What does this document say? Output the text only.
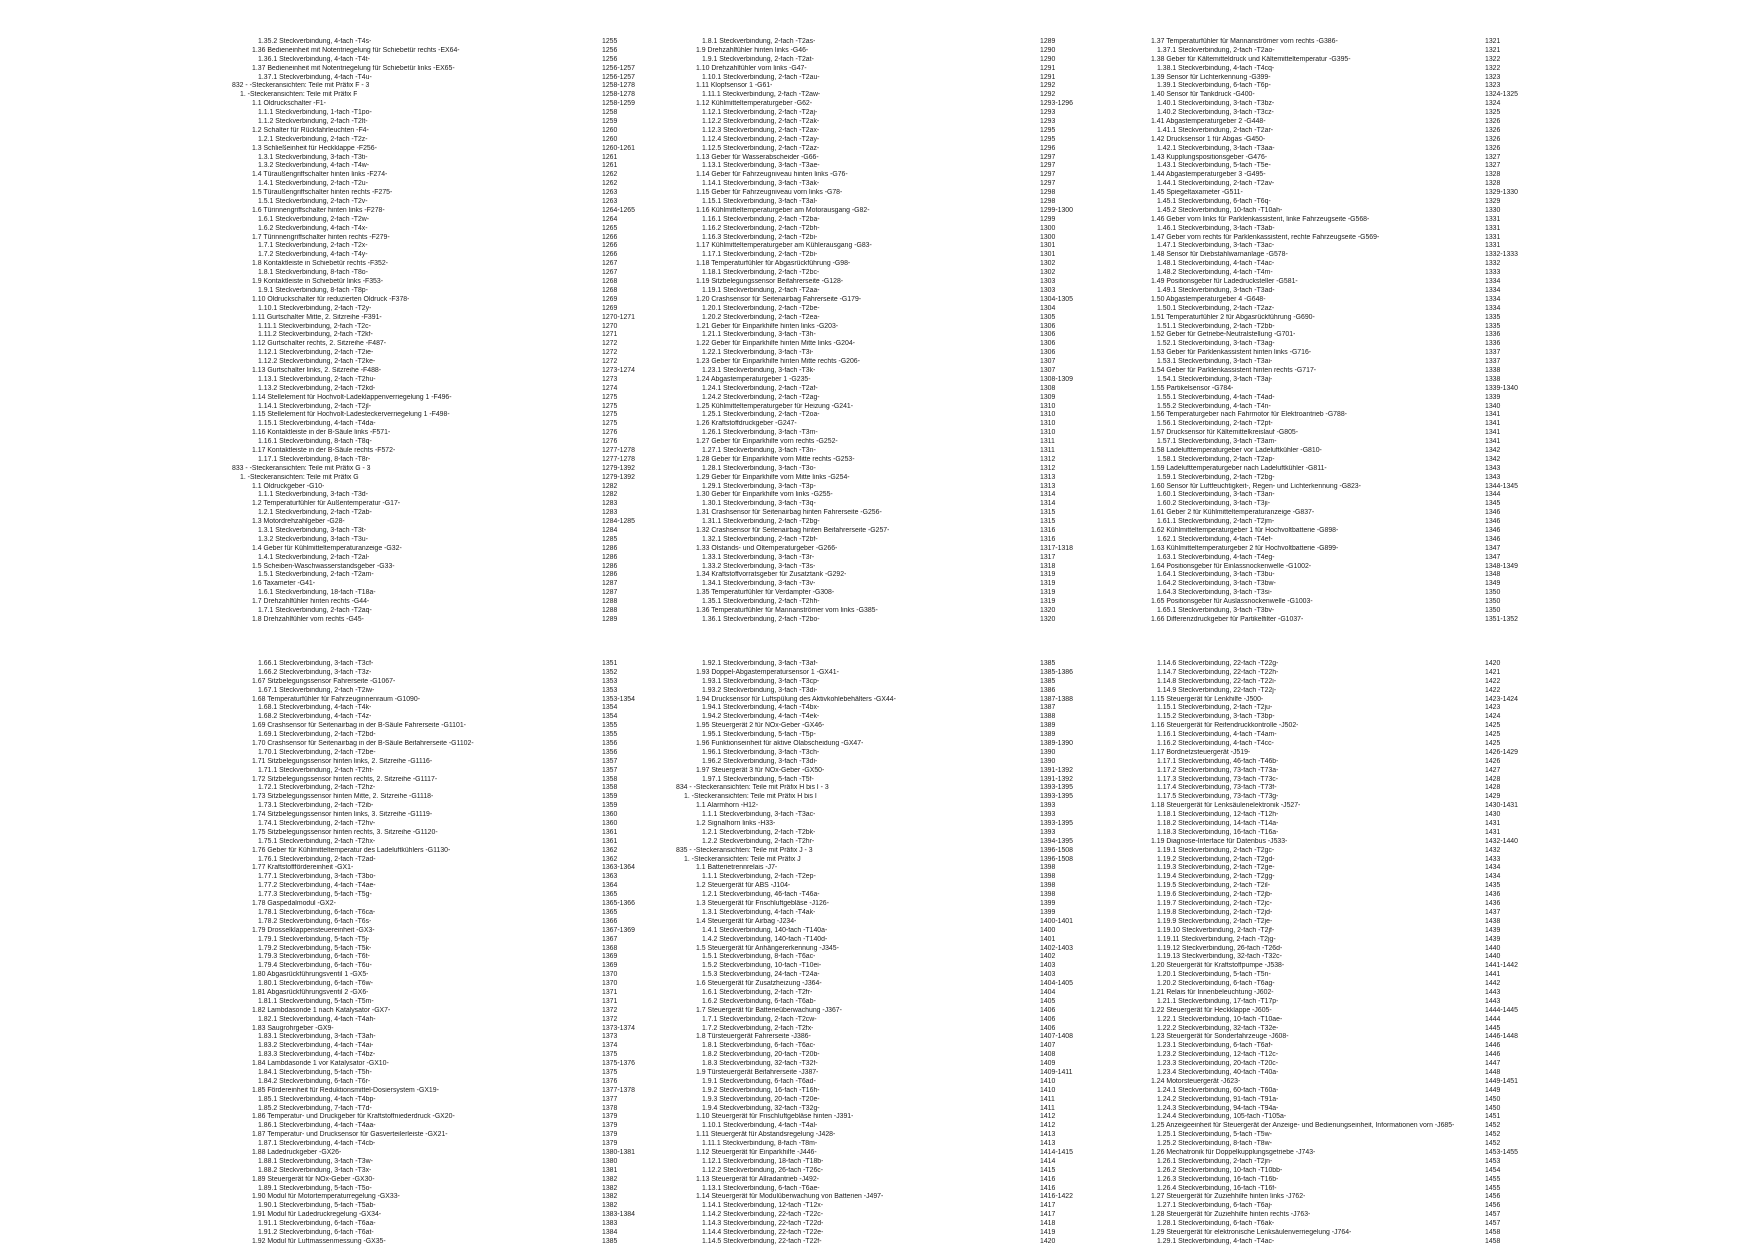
1.35.2 Steckverbindung, 4-fach -T4s-	1255
1.36 Bedieneinheit mit Notentriegelung für Schiebetür rechts -EX64-	1256
1.36.1 Steckverbindung, 4-fach -T4t-	1256
1.37 Bedieneinheit mit Notentriegelung für Schiebetür links -EX65-	1256-1257
1.37.1 Steckverbindung, 4-fach -T4u-	1256-1257
832 - -Steckeransichten: Teile mit Präfix F - 3	1258-1278
1. -Steckeransichten: Teile mit Präfix F	1258-1278
1.1 Öldruckschalter -F1-	1258-1259
1.1.1 Steckverbindung, 1-fach -T1po-	1258
1.1.2 Steckverbindung, 2-fach -T2lt-	1259
1.2 Schalter für Rückfahrleuchten -F4-	1260
1.2.1 Steckverbindung, 2-fach -T2z-	1260
1.3 Schließeinheit für Heckklappe -F256-	1260-1261
1.3.1 Steckverbindung, 3-fach -T3ti-	1261
1.3.2 Steckverbindung, 4-fach -T4w-	1261
1.4 Türaußengriffschalter hinten links -F274-	1262
1.4.1 Steckverbindung, 2-fach -T2u-	1262
1.5 Türaußengriffschalter hinten rechts -F275-	1263
1.5.1 Steckverbindung, 2-fach -T2v-	1263
1.6 Türinnengriffschalter hinten links -F278-	1264-1265
1.6.1 Steckverbindung, 2-fach -T2w-	1264
1.6.2 Steckverbindung, 4-fach -T4x-	1265
1.7 Türinnengriffschalter hinten rechts -F279-	1266
1.7.1 Steckverbindung, 2-fach -T2x-	1266
1.7.2 Steckverbindung, 4-fach -T4y-	1266
1.8 Kontaktleiste in Schiebetür rechts -F352-	1267
1.8.1 Steckverbindung, 8-fach -T8o-	1267
1.9 Kontaktleiste in Schiebetür links -F353-	1268
1.9.1 Steckverbindung, 8-fach -T8p-	1268
1.10 Öldruckschalter für reduzierten Öldruck -F378-	1269
1.10.1 Steckverbindung, 2-fach -T2y-	1269
1.11 Gurtschalter Mitte, 2. Sitzreihe -F391-	1270-1271
1.11.1 Steckverbindung, 2-fach -T2c-	1270
1.11.2 Steckverbindung, 2-fach -T2kf-	1271
1.12 Gurtschalter rechts, 2. Sitzreihe -F487-	1272
1.12.1 Steckverbindung, 2-fach -T2ie-	1272
1.12.2 Steckverbindung, 2-fach -T2ke-	1272
1.13 Gurtschalter links, 2. Sitzreihe -F488-	1273-1274
1.13.1 Steckverbindung, 2-fach -T2hu-	1273
1.13.2 Steckverbindung, 2-fach -T2kd-	1274
1.14 Stellelement für Hochvolt-Ladeklappenverriegelung 1 -F496-	1275
1.14.1 Steckverbindung, 2-fach -T2jl-	1275
1.15 Stellelement für Hochvolt-Ladesteckerverriegelung 1 -F498-	1275
1.15.1 Steckverbindung, 4-fach -T4da-	1275
1.16 Kontaktleiste in der B-Säule links -F571-	1276
1.16.1 Steckverbindung, 8-fach -T8q-	1276
1.17 Kontaktleiste in der B-Säule rechts -F572-	1277-1278
1.17.1 Steckverbindung, 8-fach -T8r-	1277-1278
833 - -Steckeransichten: Teile mit Präfix G - 3	1279-1392
1. -Steckeransichten: Teile mit Präfix G	1279-1392
1.1 Öldruckgeber -G10-	1282
1.1.1 Steckverbindung, 3-fach -T3d-	1282
1.2 Temperaturfühler für Außentemperatur -G17-	1283
1.2.1 Steckverbindung, 2-fach -T2ab-	1283
1.3 Motordrehzahlgeber -G28-	1284-1285
1.3.1 Steckverbindung, 3-fach -T3t-	1284
1.3.2 Steckverbindung, 3-fach -T3u-	1285
1.4 Geber für Kühlmitteltemperaturanzeige -G32-	1286
1.4.1 Steckverbindung, 2-fach -T2al-	1286
1.5 Scheiben-Waschwasserstandsgeber -G33-	1286
1.5.1 Steckverbindung, 2-fach -T2am-	1286
1.6 Taxameter -G41-	1287
1.6.1 Steckverbindung, 18-fach -T18a-	1287
1.7 Drehzahlfühler hinten rechts -G44-	1288
1.7.1 Steckverbindung, 2-fach -T2aq-	1288
1.8 Drehzahlfühler vorn rechts -G45-	1289
1.8.1 Steckverbindung, 2-fach -T2as-	1289
1.9 Drehzahlfühler hinten links -G46-	1290
1.9.1 Steckverbindung, 2-fach -T2at-	1290
1.10 Drehzahlfühler vorn links -G47-	1291
1.10.1 Steckverbindung, 2-fach -T2au-	1291
1.11 Klopfsensor 1 -G61-	1292
1.11.1 Steckverbindung, 2-fach -T2aw-	1292
1.12 Kühlmitteltemperaturgeber -G62-	1293-1296
1.12.1 Steckverbindung, 2-fach -T2aj-	1293
1.12.2 Steckverbindung, 2-fach -T2ak-	1293
1.12.3 Steckverbindung, 2-fach -T2ax-	1295
1.12.4 Steckverbindung, 2-fach -T2ay-	1295
1.12.5 Steckverbindung, 2-fach -T2az-	1296
1.13 Geber für Wasserabscheider -G66-	1297
1.13.1 Steckverbindung, 3-fach -T3ae-	1297
1.14 Geber für Fahrzeugniveau hinten links -G76-	1297
1.14.1 Steckverbindung, 3-fach -T3ak-	1297
1.15 Geber für Fahrzeugniveau vorn links -G78-	1298
1.15.1 Steckverbindung, 3-fach -T3al-	1298
1.16 Kühlmitteltemperaturgeber am Motorausgang -G82-	1299-1300
1.16.1 Steckverbindung, 2-fach -T2ba-	1299
1.16.2 Steckverbindung, 2-fach -T2bh-	1300
1.16.3 Steckverbindung, 2-fach -T2bi-	1300
1.17 Kühlmitteltemperaturgeber am Kühlerausgang -G83-	1301
1.17.1 Steckverbindung, 2-fach -T2bi-	1301
1.18 Temperaturfühler für Abgasrückführung -G98-	1302
1.18.1 Steckverbindung, 2-fach -T2bc-	1302
1.19 Sitzbelegungssensor Beifahrerseite -G128-	1303
1.19.1 Steckverbindung, 2-fach -T2aa-	1303
1.20 Crashsensor für Seitenairbag Fahrerseite -G179-	1304-1305
1.20.1 Steckverbindung, 2-fach -T2be-	1304
1.20.2 Steckverbindung, 2-fach -T2ea-	1305
1.21 Geber für Einparkhilfe hinten links -G203-	1306
1.21.1 Steckverbindung, 3-fach -T3h-	1306
1.22 Geber für Einparkhilfe hinten Mitte links -G204-	1306
1.22.1 Steckverbindung, 3-fach -T3i-	1306
1.23 Geber für Einparkhilfe hinten Mitte rechts -G206-	1307
1.23.1 Steckverbindung, 3-fach -T3k-	1307
1.24 Abgastemperaturgeber 1 -G235-	1308-1309
1.24.1 Steckverbindung, 2-fach -T2af-	1308
1.24.2 Steckverbindung, 2-fach -T2ag-	1309
1.25 Kühlmitteltemperaturgeber für Heizung -G241-	1310
1.25.1 Steckverbindung, 2-fach -T2oa-	1310
1.26 Kraftstoffdruckgeber -G247-	1310
1.26.1 Steckverbindung, 3-fach -T3m-	1310
1.27 Geber für Einparkhilfe vorn rechts -G252-	1311
1.27.1 Steckverbindung, 3-fach -T3n-	1311
1.28 Geber für Einparkhilfe vorn Mitte rechts -G253-	1312
1.28.1 Steckverbindung, 3-fach -T3o-	1312
1.29 Geber für Einparkhilfe vorn Mitte links -G254-	1313
1.29.1 Steckverbindung, 3-fach -T3p-	1313
1.30 Geber für Einparkhilfe vorn links -G255-	1314
1.30.1 Steckverbindung, 3-fach -T3q-	1314
1.31 Crashsensor für Seitenairbag hinten Fahrerseite -G256-	1315
1.31.1 Steckverbindung, 2-fach -T2bg-	1315
1.32 Crashsensor für Seitenairbag hinten Beifahrerseite -G257-	1316
1.32.1 Steckverbindung, 2-fach -T2bf-	1316
1.33 Ölstands- und Öltemperaturgeber -G266-	1317-1318
1.33.1 Steckverbindung, 3-fach -T3r-	1317
1.33.2 Steckverbindung, 3-fach -T3s-	1318
1.34 Kraftstoffvorratsgeber für Zusatztank -G292-	1319
1.34.1 Steckverbindung, 3-fach -T3v-	1319
1.35 Temperaturfühler für Verdampfer -G308-	1319
1.35.1 Steckverbindung, 2-fach -T2hh-	1319
1.36 Temperaturfühler für Mannanströmer vorn links -G385-	1320
1.36.1 Steckverbindung, 2-fach -T2bo-	1320
1.37 Temperaturfühler für Mannanströmer vorn rechts -G386-	1321
1.37.1 Steckverbindung, 2-fach -T2ao-	1321
1.38 Geber für Kältemitteldruck und Kältemitteltemperatur -G395-	1322
1.38.1 Steckverbindung, 4-fach -T4cq-	1322
1.39 Sensor für Lichterkennung -G399-	1323
1.39.1 Steckverbindung, 6-fach -T6p-	1323
1.40 Sensor für Tankdruck -G400-	1324-1325
1.40.1 Steckverbindung, 3-fach -T3bz-	1324
1.40.2 Steckverbindung, 3-fach -T3cz-	1325
1.41 Abgastemperaturgeber 2 -G448-	1326
1.41.1 Steckverbindung, 2-fach -T2ar-	1326
1.42 Drucksensor 1 für Abgas -G450-	1326
1.42.1 Steckverbindung, 3-fach -T3aa-	1326
1.43 Kupplungspositionsgeber -G476-	1327
1.43.1 Steckverbindung, 5-fach -T5e-	1327
1.44 Abgastemperaturgeber 3 -G495-	1328
1.44.1 Steckverbindung, 2-fach -T2av-	1328
1.45 Spiegeltaxameter -G511-	1329-1330
1.45.1 Steckverbindung, 6-fach -T6q-	1329
1.45.2 Steckverbindung, 10-fach -T10ah-	1330
1.46 Geber vorn links für Parklenkassistent, linke Fahrzeugseite -G568-	1331
1.46.1 Steckverbindung, 3-fach -T3ab-	1331
1.47 Geber vorn rechts für Parklenkassistent, rechte Fahrzeugseite -G569-	1331
1.47.1 Steckverbindung, 3-fach -T3ac-	1331
1.48 Sensor für Diebstahlwarnanlage -G578-	1332-1333
1.48.1 Steckverbindung, 4-fach -T4ac-	1332
1.48.2 Steckverbindung, 4-fach -T4m-	1333
1.49 Positionsgeber für Ladedrucksteller -G581-	1334
1.49.1 Steckverbindung, 3-fach -T3ad-	1334
1.50 Abgastemperaturgeber 4 -G648-	1334
1.50.1 Steckverbindung, 2-fach -T2az-	1334
1.51 Temperaturfühler 2 für Abgasrückführung -G690-	1335
1.51.1 Steckverbindung, 2-fach -T2bb-	1335
1.52 Geber für Getriebe-Neutralstellung -G701-	1336
1.52.1 Steckverbindung, 3-fach -T3ag-	1336
1.53 Geber für Parklenkassistent hinten links -G716-	1337
1.53.1 Steckverbindung, 3-fach -T3ai-	1337
1.54 Geber für Parklenkassistent hinten rechts -G717-	1338
1.54.1 Steckverbindung, 3-fach -T3aj-	1338
1.55 Partikelsensor -G784-	1339-1340
1.55.1 Steckverbindung, 4-fach -T4ad-	1339
1.55.2 Steckverbindung, 4-fach -T4n-	1340
1.56 Temperaturgeber nach Fahrmotor für Elektroantrieb -G788-	1341
1.56.1 Steckverbindung, 2-fach -T2pt-	1341
1.57 Drucksensor für Kältemittelkreislauf -G805-	1341
1.57.1 Steckverbindung, 3-fach -T3am-	1341
1.58 Ladelufttemperaturgeber vor Ladeluftkühler -G810-	1342
1.58.1 Steckverbindung, 2-fach -T2ap-	1342
1.59 Ladelufttemperaturgeber nach Ladeluftkühler -G811-	1343
1.59.1 Steckverbindung, 2-fach -T2bg-	1343
1.60 Sensor für Luftfeuchtigkeit-, Regen- und Lichterkennung -G823-	1344-1345
1.60.1 Steckverbindung, 3-fach -T3an-	1344
1.60.2 Steckverbindung, 3-fach -T3ji-	1345
1.61 Geber 2 für Kühlmitteltemperaturanzeige -G837-	1346
1.61.1 Steckverbindung, 2-fach -T2jm-	1346
1.62 Kühlmitteltemperaturgeber 1 für Hochvoltbatterie -G898-	1346
1.62.1 Steckverbindung, 4-fach -T4ef-	1346
1.63 Kühlmitteltemperaturgeber 2 für Hochvoltbatterie -G899-	1347
1.63.1 Steckverbindung, 4-fach -T4eg-	1347
1.64 Positionsgeber für Einlassnockenwelle -G1002-	1348-1349
1.64.1 Steckverbindung, 3-fach -T3bu-	1348
1.64.2 Steckverbindung, 3-fach -T3bw-	1349
1.64.3 Steckverbindung, 3-fach -T3si-	1350
1.65 Positionsgeber für Auslassnockenwelle -G1003-	1350
1.65.1 Steckverbindung, 3-fach -T3bv-	1350
1.66 Differenzdruckgeber für Partikelfilter -G1037-	1351-1352
1.66.1 Steckverbindung, 3-fach -T3cf-	1351
1.66.2 Steckverbindung, 3-fach -T3z-	1352
1.67 Sitzbelegungssensor Fahrerseite -G1067-	1353
1.67.1 Steckverbindung, 2-fach -T2iw-	1353
1.68 Temperaturfühler für Fahrzeuginnenraum -G1090-	1353-1354
1.68.1 Steckverbindung, 4-fach -T4k-	1354
1.68.2 Steckverbindung, 4-fach -T4z-	1354
1.69 Crashsensor für Seitenairbag in der B-Säule Fahrerseite -G1101-	1355
1.69.1 Steckverbindung, 2-fach -T2bd-	1355
1.70 Crashsensor für Seitenairbag in der B-Säule Beifahrerseite -G1102-	1356
1.70.1 Steckverbindung, 2-fach -T2be-	1356
1.71 Sitzbelegungssensor hinten links, 2. Sitzreihe -G1116-	1357
1.71.1 Steckverbindung, 2-fach -T2ht-	1357
1.72 Sitzbelegungssensor hinten rechts, 2. Sitzreihe -G1117-	1358
1.72.1 Steckverbindung, 2-fach -T2hz-	1358
1.73 Sitzbelegungssensor hinten Mitte, 2. Sitzreihe -G1118-	1359
1.73.1 Steckverbindung, 2-fach -T2ib-	1359
1.74 Sitzbelegungssensor hinten links, 3. Sitzreihe -G1119-	1360
1.74.1 Steckverbindung, 2-fach -T2hv-	1360
1.75 Sitzbelegungssensor hinten rechts, 3. Sitzreihe -G1120-	1361
1.75.1 Steckverbindung, 2-fach -T2hx-	1361
1.76 Geber für Kühlmitteltemperatur des Ladeluftkühlers -G1130-	1362
1.76.1 Steckverbindung, 2-fach -T2ad-	1362
1.77 Kraftstofffördereinheit -GX1-	1363-1364
1.77.1 Steckverbindung, 3-fach -T3bo-	1363
1.77.2 Steckverbindung, 4-fach -T4ae-	1364
1.77.3 Steckverbindung, 5-fach -T5g-	1365
1.78 Gaspedalmodul -GX2-	1365-1366
1.78.1 Steckverbindung, 6-fach -T6ca-	1365
1.78.2 Steckverbindung, 6-fach -T6s-	1366
1.79 Drosselklappensteuereinheit -GX3-	1367-1369
1.79.1 Steckverbindung, 5-fach -T5j-	1367
1.79.2 Steckverbindung, 5-fach -T5k-	1368
1.79.3 Steckverbindung, 6-fach -T6t-	1369
1.79.4 Steckverbindung, 6-fach -T6u-	1369
1.80 Abgasrückführungsventil 1 -GX5-	1370
1.80.1 Steckverbindung, 6-fach -T6w-	1370
1.81 Abgasrückführungsventil 2 -GX6-	1371
1.81.1 Steckverbindung, 5-fach -T5m-	1371
1.82 Lambdasonde 1 nach Katalysator -GX7-	1372
1.82.1 Steckverbindung, 4-fach -T4ah-	1372
1.83 Saugrohrgeber -GX9-	1373-1374
1.83.1 Steckverbindung, 3-fach -T3ah-	1373
1.83.2 Steckverbindung, 4-fach -T4ai-	1374
1.83.3 Steckverbindung, 4-fach -T4bz-	1375
1.84 Lambdasonde 1 vor Katalysator -GX10-	1375-1376
1.84.1 Steckverbindung, 5-fach -T5h-	1375
1.84.2 Steckverbindung, 6-fach -T6r-	1376
1.85 Fördereinheit für Reduktionsmittel-Dosiersystem -GX19-	1377-1378
1.85.1 Steckverbindung, 4-fach -T4bp-	1377
1.85.2 Steckverbindung, 7-fach -T7d-	1378
1.86 Temperatur- und Druckgeber für Kraftstoffniederdruck -GX20-	1379
1.86.1 Steckverbindung, 4-fach -T4aa-	1379
1.87 Temperatur- und Drucksensor für Gasverteilerleiste -GX21-	1379
1.87.1 Steckverbindung, 4-fach -T4cb-	1379
1.88 Ladedruckgeber -GX26-	1380-1381
1.88.1 Steckverbindung, 3-fach -T3w-	1380
1.88.2 Steckverbindung, 3-fach -T3x-	1381
1.89 Steuergerät für NOx-Geber -GX30-	1382
1.89.1 Steckverbindung, 5-fach -T5o-	1382
1.90 Modul für Motortemperaturregelung -GX33-	1382
1.90.1 Steckverbindung, 5-fach -T5ab-	1382
1.91 Modul für Ladedruckregelung -GX34-	1383-1384
1.91.1 Steckverbindung, 6-fach -T6aa-	1383
1.91.2 Steckverbindung, 6-fach -T6at-	1384
1.92 Modul für Luftmassenmessung -GX35-	1385
1.92.1 Steckverbindung, 3-fach -T3af-	1385
1.93 Doppel-Abgastemperatursensor 1 -GX41-	1385-1386
1.93.1 Steckverbindung, 3-fach -T3cp-	1385
1.93.2 Steckverbindung, 3-fach -T3di-	1386
1.94 Drucksensor für Luftspülung des Aktivkohlebehälters -GX44-	1387-1388
1.94.1 Steckverbindung, 4-fach -T4bx-	1387
1.94.2 Steckverbindung, 4-fach -T4ek-	1388
1.95 Steuergerät 2 für NOx-Geber -GX46-	1389
1.95.1 Steckverbindung, 5-fach -T5p-	1389
1.96 Funktionseinheit für aktive Ölabscheidung -GX47-	1389-1390
1.96.1 Steckverbindung, 3-fach -T3ch-	1390
1.96.2 Steckverbindung, 3-fach -T3di-	1390
1.97 Steuergerät 3 für NOx-Geber -GX50-	1391-1392
1.97.1 Steckverbindung, 5-fach -T5f-	1391-1392
834 - -Steckeransichten: Teile mit Präfix H bis I - 3	1393-1395
1. -Steckeransichten: Teile mit Präfix H bis I	1393-1395
1.1 Alarmhorn -H12-	1393
1.1.1 Steckverbindung, 3-fach -T3ac-	1393
1.2 Signalhorn links -H33-	1393-1395
1.2.1 Steckverbindung, 2-fach -T2bk-	1393
1.2.2 Steckverbindung, 2-fach -T2hr-	1394-1395
835 - -Steckeransichten: Teile mit Präfix J - 3	1396-1508
1. -Steckeransichten: Teile mit Präfix J	1396-1508
1.1 Batterietrennrelais -J7-	1398
1.1.1 Steckverbindung, 2-fach -T2ep-	1398
1.2 Steuergerät für ABS -J104-	1398
1.2.1 Steckverbindung, 46-fach -T46a-	1398
1.3 Steuergerät für Frischluftgebläse -J126-	1399
1.3.1 Steckverbindung, 4-fach -T4ak-	1399
1.4 Steuergerät für Airbag -J234-	1400-1401
1.4.1 Steckverbindung, 140-fach -T140a-	1400
1.4.2 Steckverbindung, 140-fach -T140d-	1401
1.5 Steuergerät für Anhängererkennung -J345-	1402-1403
1.5.1 Steckverbindung, 8-fach -T6ac-	1402
1.5.2 Steckverbindung, 10-fach -T10ei-	1403
1.5.3 Steckverbindung, 24-fach -T24a-	1403
1.6 Steuergerät für Zusatzheizung -J364-	1404-1405
1.6.1 Steckverbindung, 2-fach -T2fr-	1404
1.6.2 Steckverbindung, 6-fach -T6ab-	1405
1.7 Steuergerät für Batterieüberwachung -J367-	1406
1.7.1 Steckverbindung, 2-fach -T2cw-	1406
1.7.2 Steckverbindung, 2-fach -T2fx-	1406
1.8 Türsteuergerät Fahrerseite -J386-	1407-1408
1.8.1 Steckverbindung, 6-fach -T6ac-	1407
1.8.2 Steckverbindung, 20-fach -T20b-	1408
1.8.3 Steckverbindung, 32-fach -T32f-	1409
1.9 Türsteuergerät Beifahrerseite -J387-	1409-1411
1.9.1 Steckverbindung, 6-fach -T6ad-	1410
1.9.2 Steckverbindung, 16-fach -T16h-	1410
1.9.3 Steckverbindung, 20-fach -T20e-	1411
1.9.4 Steckverbindung, 32-fach -T32g-	1411
1.10 Steuergerät für Frischluftgebläse hinten -J391-	1412
1.10.1 Steckverbindung, 4-fach -T4al-	1412
1.11 Steuergerät für Abstandsregelung -J428-	1413
1.11.1 Steckverbindung, 8-fach -T8m-	1413
1.12 Steuergerät für Einparkhilfe -J446-	1414-1415
1.12.1 Steckverbindung, 18-fach -T18b-	1414
1.12.2 Steckverbindung, 26-fach -T26c-	1415
1.13 Steuergerät für Allradantrieb -J492-	1416
1.13.1 Steckverbindung, 6-fach -T6ae-	1416
1.14 Steuergerät für Modulüberwachung von Batterien -J497-	1416-1422
1.14.1 Steckverbindung, 12-fach -T12x-	1417
1.14.2 Steckverbindung, 22-fach -T22c-	1417
1.14.3 Steckverbindung, 22-fach -T22d-	1418
1.14.4 Steckverbindung, 22-fach -T22e-	1419
1.14.5 Steckverbindung, 22-fach -T22f-	1420
1.14.6 Steckverbindung, 22-fach -T22g-	1420
1.14.7 Steckverbindung, 22-fach -T22h-	1421
1.14.8 Steckverbindung, 22-fach -T22i-	1422
1.14.9 Steckverbindung, 22-fach -T22j-	1422
1.15 Steuergerät für Lenkhilfe -J500-	1423-1424
1.15.1 Steckverbindung, 2-fach -T2ju-	1423
1.15.2 Steckverbindung, 3-fach -T3bp-	1424
1.16 Steuergerät für Reifendruckkontrolle -J502-	1425
1.16.1 Steckverbindung, 4-fach -T4am-	1425
1.16.2 Steckverbindung, 4-fach -T4cc-	1425
1.17 Bordnetzsteuergerät -J519-	1426-1429
1.17.1 Steckverbindung, 46-fach -T46b-	1426
1.17.2 Steckverbindung, 73-fach -T73a-	1427
1.17.3 Steckverbindung, 73-fach -T73c-	1428
1.17.4 Steckverbindung, 73-fach -T73f-	1428
1.17.5 Steckverbindung, 73-fach -T73g-	1429
1.18 Steuergerät für Lenksäulenelektronik -J527-	1430-1431
1.18.1 Steckverbindung, 12-fach -T12h-	1430
1.18.2 Steckverbindung, 14-fach -T14a-	1431
1.18.3 Steckverbindung, 16-fach -T16a-	1431
1.19 Diagnose-Interface für Datenbus -J533-	1432-1440
1.19.1 Steckverbindung, 2-fach -T2gc-	1432
1.19.2 Steckverbindung, 2-fach -T2gd-	1433
1.19.3 Steckverbindung, 2-fach -T2ge-	1434
1.19.4 Steckverbindung, 2-fach -T2gg-	1434
1.19.5 Steckverbindung, 2-fach -T2il-	1435
1.19.6 Steckverbindung, 2-fach -T2jb-	1436
1.19.7 Steckverbindung, 2-fach -T2jc-	1436
1.19.8 Steckverbindung, 2-fach -T2jd-	1437
1.19.9 Steckverbindung, 2-fach -T2je-	1438
1.19.10 Steckverbindung, 2-fach -T2jf-	1439
1.19.11 Steckverbindung, 2-fach -T2jg-	1439
1.19.12 Steckverbindung, 26-fach -T26d-	1440
1.19.13 Steckverbindung, 32-fach -T32c-	1440
1.20 Steuergerät für Kraftstoffpumpe -J538-	1441-1442
1.20.1 Steckverbindung, 5-fach -T5n-	1441
1.20.2 Steckverbindung, 6-fach -T6ag-	1442
1.21 Relais für Innenbeleuchtung -J602-	1443
1.21.1 Steckverbindung, 17-fach -T17p-	1443
1.22 Steuergerät für Heckklappe -J605-	1444-1445
1.22.1 Steckverbindung, 10-fach -T10ae-	1444
1.22.2 Steckverbindung, 32-fach -T32e-	1445
1.23 Steuergerät für Sonderfahrzeuge -J608-	1446-1448
1.23.1 Steckverbindung, 6-fach -T6af-	1446
1.23.2 Steckverbindung, 12-fach -T12c-	1446
1.23.3 Steckverbindung, 20-fach -T20c-	1447
1.23.4 Steckverbindung, 40-fach -T40a-	1448
1.24 Motorsteuergerät -J623-	1449-1451
1.24.1 Steckverbindung, 60-fach -T60a-	1449
1.24.2 Steckverbindung, 91-fach -T91a-	1450
1.24.3 Steckverbindung, 94-fach -T94a-	1450
1.24.4 Steckverbindung, 105-fach -T105a-	1451
1.25 Anzeigeeinheit für Steuergerät der Anzeige- und Bedienungseinheit, Informationen vorn -J685-	1452
1.25.1 Steckverbindung, 5-fach -T5w-	1452
1.25.2 Steckverbindung, 8-fach -T8w-	1452
1.26 Mechatronik für Doppelkupplungsgetriebe -J743-	1453-1455
1.26.1 Steckverbindung, 2-fach -T2jn-	1453
1.26.2 Steckverbindung, 10-fach -T10bb-	1454
1.26.3 Steckverbindung, 16-fach -T16b-	1455
1.26.4 Steckverbindung, 16-fach -T16f-	1455
1.27 Steuergerät für Zuziehhilfe hinten links -J762-	1456
1.27.1 Steckverbindung, 6-fach -T6aj-	1456
1.28 Steuergerät für Zuziehhilfe hinten rechts -J763-	1457
1.28.1 Steckverbindung, 6-fach -T6ak-	1457
1.29 Steuergerät für elektronische Lenksäulenverriegelung -J764-	1458
1.29.1 Steckverbindung, 4-fach -T4ac-	1458
